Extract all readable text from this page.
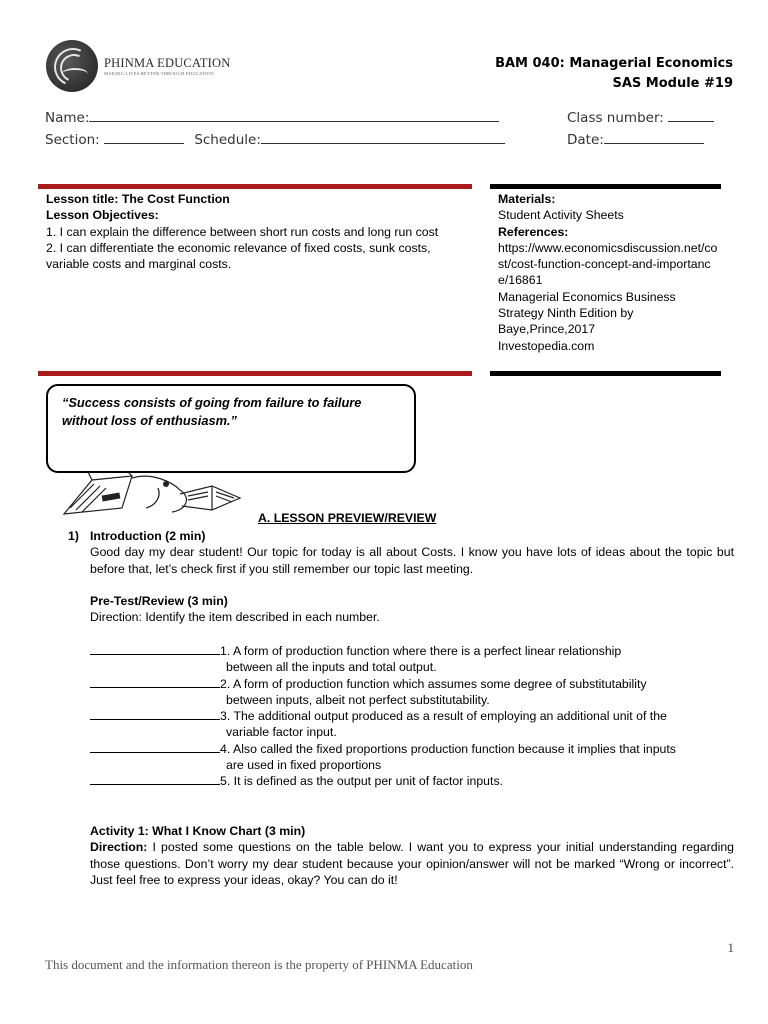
PHINMA EDUCATION
MAKING LIVES BETTER THROUGH EDUCATION
BAM 040: Managerial Economics
SAS Module #19
Name:
Section:	Schedule:
Class number:
Date:
Lesson title: The Cost Function
Lesson Objectives:
1. I can explain the difference between short run costs and long run cost
2. I can differentiate the economic relevance of fixed costs, sunk costs, variable costs and marginal costs.
Materials:
Student Activity Sheets
References:
https://www.economicsdiscussion.net/cost/cost-function-concept-and-importance/16861
Managerial Economics Business Strategy Ninth Edition by Baye,Prince,2017
Investopedia.com
“Success consists of going from failure to failure without loss of enthusiasm.”
A. LESSON PREVIEW/REVIEW
1) Introduction (2 min)
Good day my dear student! Our topic for today is all about Costs. I know you have lots of ideas about the topic but before that, let’s check first if you still remember our topic last meeting.
Pre-Test/Review (3 min)
Direction: Identify the item described in each number.
1. A form of production function where there is a perfect linear relationship
between all the inputs and total output.
2. A form of production function which assumes some degree of substitutability
between inputs, albeit not perfect substitutability.
3. The additional output produced as a result of employing an additional unit of the
variable factor input.
4. Also called the fixed proportions production function because it implies that inputs
are used in fixed proportions
5. It is defined as the output per unit of factor inputs.
Activity 1: What I Know Chart (3 min)
Direction: I posted some questions on the table below. I want you to express your initial understanding regarding those questions. Don’t worry my dear student because your opinion/answer will not be marked “Wrong or incorrect”. Just feel free to express your ideas, okay? You can do it!
1
This document and the information thereon is the property of PHINMA Education
